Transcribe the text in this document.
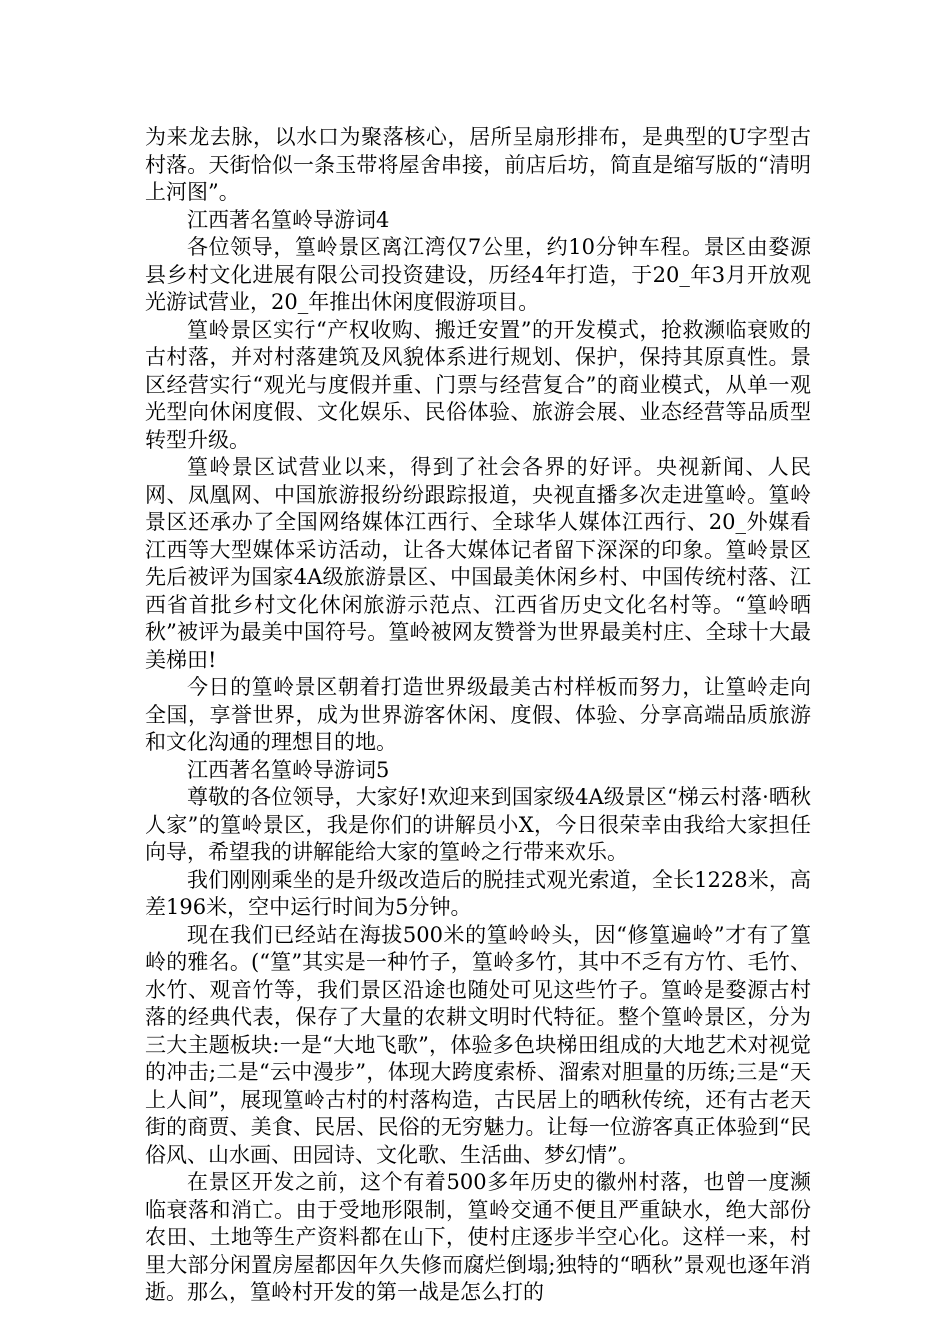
为来龙去脉，以水口为聚落核心，居所呈扇形排布，是典型的U字型古村落。天街恰似一条玉带将屋舍串接，前店后坊，简直是缩写版的“清明上河图”。

江西著名篁岭导游词4

各位领导，篁岭景区离江湾仅7公里，约10分钟车程。景区由婺源县乡村文化进展有限公司投资建设，历经4年打造，于20_年3月开放观光游试营业，20_年推出休闲度假游项目。

篁岭景区实行“产权收购、搬迁安置”的开发模式，抢救濒临衰败的古村落，并对村落建筑及风貌体系进行规划、保护，保持其原真性。景区经营实行“观光与度假并重、门票与经营复合”的商业模式，从单一观光型向休闲度假、文化娱乐、民俗体验、旅游会展、业态经营等品质型转型升级。

篁岭景区试营业以来，得到了社会各界的好评。央视新闻、人民网、凤凰网、中国旅游报纷纷跟踪报道，央视直播多次走进篁岭。篁岭景区还承办了全国网络媒体江西行、全球华人媒体江西行、20_外媒看江西等大型媒体采访活动，让各大媒体记者留下深深的印象。篁岭景区先后被评为国家4A级旅游景区、中国最美休闲乡村、中国传统村落、江西省首批乡村文化休闲旅游示范点、江西省历史文化名村等。“篁岭晒秋”被评为最美中国符号。篁岭被网友赞誉为世界最美村庄、全球十大最美梯田!

今日的篁岭景区朝着打造世界级最美古村样板而努力，让篁岭走向全国，享誉世界，成为世界游客休闲、度假、体验、分享高端品质旅游和文化沟通的理想目的地。

江西著名篁岭导游词5

尊敬的各位领导，大家好!欢迎来到国家级4A级景区“梯云村落·晒秋人家”的篁岭景区，我是你们的讲解员小X，今日很荣幸由我给大家担任向导，希望我的讲解能给大家的篁岭之行带来欢乐。

我们刚刚乘坐的是升级改造后的脱挂式观光索道，全长1228米，高差196米，空中运行时间为5分钟。

现在我们已经站在海拔500米的篁岭岭头，因“修篁遍岭”才有了篁岭的雅名。(“篁”其实是一种竹子，篁岭多竹，其中不乏有方竹、毛竹、水竹、观音竹等，我们景区沿途也随处可见这些竹子。篁岭是婺源古村落的经典代表，保存了大量的农耕文明时代特征。整个篁岭景区，分为三大主题板块:一是“大地飞歌”，体验多色块梯田组成的大地艺术对视觉的冲击;二是“云中漫步”，体现大跨度索桥、溜索对胆量的历练;三是“天上人间”，展现篁岭古村的村落构造，古民居上的晒秋传统，还有古老天街的商贾、美食、民居、民俗的无穷魅力。让每一位游客真正体验到“民俗风、山水画、田园诗、文化歌、生活曲、梦幻情”。

在景区开发之前，这个有着500多年历史的徽州村落，也曾一度濒临衰落和消亡。由于受地形限制，篁岭交通不便且严重缺水，绝大部份农田、土地等生产资料都在山下，使村庄逐步半空心化。这样一来，村里大部分闲置房屋都因年久失修而腐烂倒塌;独特的“晒秋”景观也逐年消逝。那么，篁岭村开发的第一战是怎么打的
